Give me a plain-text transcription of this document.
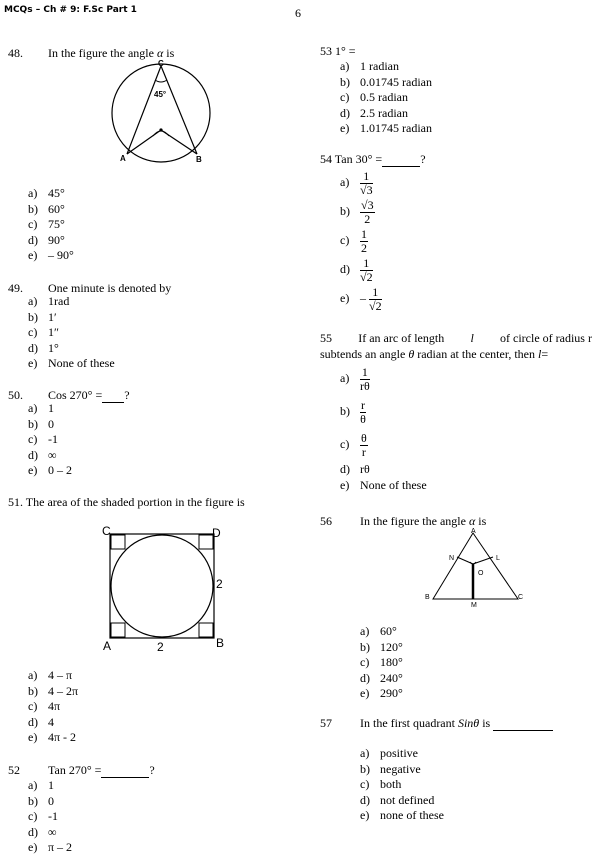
MCQs – Ch # 9: F.Sc Part 1	6
48. In the figure the angle α is
C
45°
A	B
a) 45°
b) 60°
c) 75°
d) 90°
e) – 90°
49. One minute is denoted by
a) 1rad
b) 1′
c) 1″
d) 1°
e) None of these
50. Cos 270° = ?
a) 1
b) 0
c) -1
d) ∞
e) 0 – 2
51. The area of the shaded portion in the figure is
C	D
A	B
2
2
a) 4 – π
b) 4 – 2π
c) 4π
d) 4
e) 4π - 2
52 Tan 270° =	?
a) 1
b) 0
c) -1
d) ∞
e) π – 2
53 1° =
a) 1 radian
b) 0.01745 radian
c) 0.5 radian
d) 2.5 radian
e) 1.01745 radian
54 Tan 30° =	?
$a) \frac{1}{√3}$
$b) \frac{√3}{2}$
$c) \frac{1}{2}$
$d) \frac{1}{√2}$
$e) - \frac{1}{√2}$
55 If an arc of length l of circle of radius r
subtends an angle θ radian at the center, then l=
$a) \frac{1}{r\theta}$
$b) \frac{r}{\theta}$
$c) \frac{\theta}{r}$
d) rθ
e) None of these
56 In the figure the angle α is
A
N	L
O
B
M
C
a) 60°
b) 120°
c) 180°
d) 240°
e) 290°
57 In the first quadrant Sinθ is
a) positive
b) negative
c) both
d) not defined
e) none of these
